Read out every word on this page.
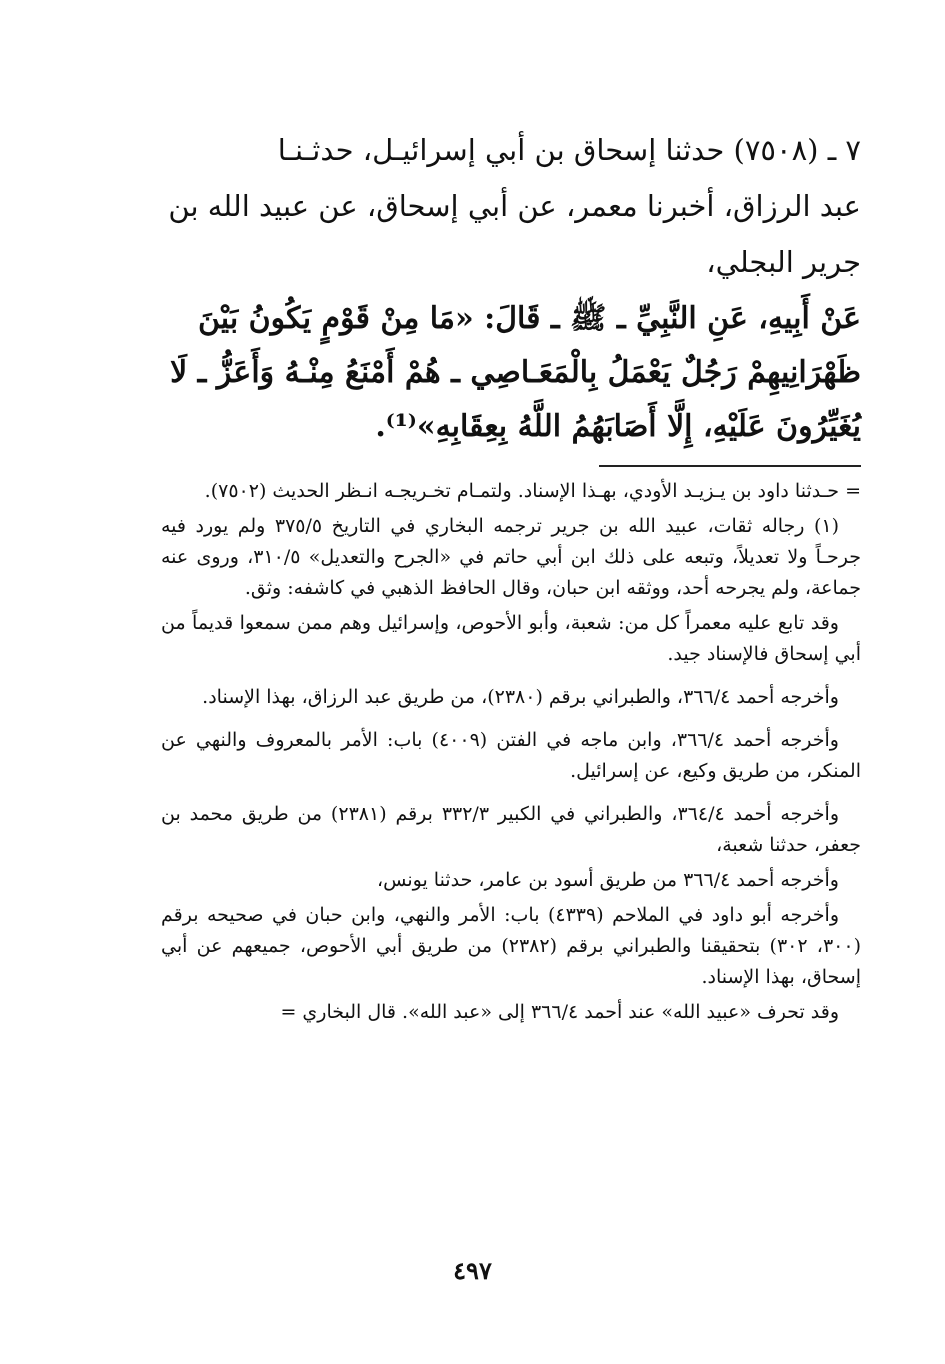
٧ ـ (٧٥٠٨) حدثنا إسحاق بن أبي إسرائيـل، حدثـنـا
عبد الرزاق، أخبرنا معمر، عن أبي إسحاق، عن عبيد الله بن
جرير البجلي،
عَنْ أَبِيهِ، عَنِ النَّبِيِّ ـ ﷺ ـ قَالَ: «مَا مِنْ قَوْمٍ يَكُونُ بَيْنَ
ظَهْرَانِيهِمْ رَجُلٌ يَعْمَلُ بِالْمَعَـاصِي ـ هُمْ أَمْنَعُ مِنْـهُ وَأَعَزُّ ـ لَا
يُغَيِّرُونَ عَلَيْهِ، إِلَّا أَصَابَهُمُ اللَّهُ بِعِقَابِهِ»⁽¹⁾.

= حـدثنا داود بن يـزيـد الأودي، بهـذا الإسناد. ولتمـام تخـريجـه انـظر الحديث (٧٥٠٢).

(١) رجاله ثقات، عبيد الله بن جرير ترجمه البخاري في التاريخ ٣٧٥/٥ ولم يورد فيه جرحـاً ولا تعديلاً، وتبعه على ذلك ابن أبي حاتم في «الجرح والتعديل» ٣١٠/٥، وروى عنه جماعة، ولم يجرحه أحد، ووثقه ابن حبان، وقال الحافظ الذهبي في كاشفه: وثق.

وقد تابع عليه معمراً كل من: شعبة، وأبو الأحوص، وإسرائيل وهم ممن سمعوا قديماً من أبي إسحاق فالإسناد جيد.

وأخرجه أحمد ٣٦٦/٤، والطبراني برقم (٢٣٨٠)، من طريق عبد الرزاق، بهذا الإسناد.

وأخرجه أحمد ٣٦٦/٤، وابن ماجه في الفتن (٤٠٠٩) باب: الأمر بالمعروف والنهي عن المنكر، من طريق وكيع، عن إسرائيل.

وأخرجه أحمد ٣٦٤/٤، والطبراني في الكبير ٣٣٢/٣ برقم (٢٣٨١) من طريق محمد بن جعفر، حدثنا شعبة،

وأخرجه أحمد ٣٦٦/٤ من طريق أسود بن عامر، حدثنا يونس،

وأخرجه أبو داود في الملاحم (٤٣٣٩) باب: الأمر والنهي، وابن حبان في صحيحه برقم (٣٠٠، ٣٠٢) بتحقيقنا والطبراني برقم (٢٣٨٢) من طريق أبي الأحوص، جميعهم عن أبي إسحاق، بهذا الإسناد.

وقد تحرف «عبيد الله» عند أحمد ٣٦٦/٤ إلى «عبد الله». قال البخاري =

٤٩٧
